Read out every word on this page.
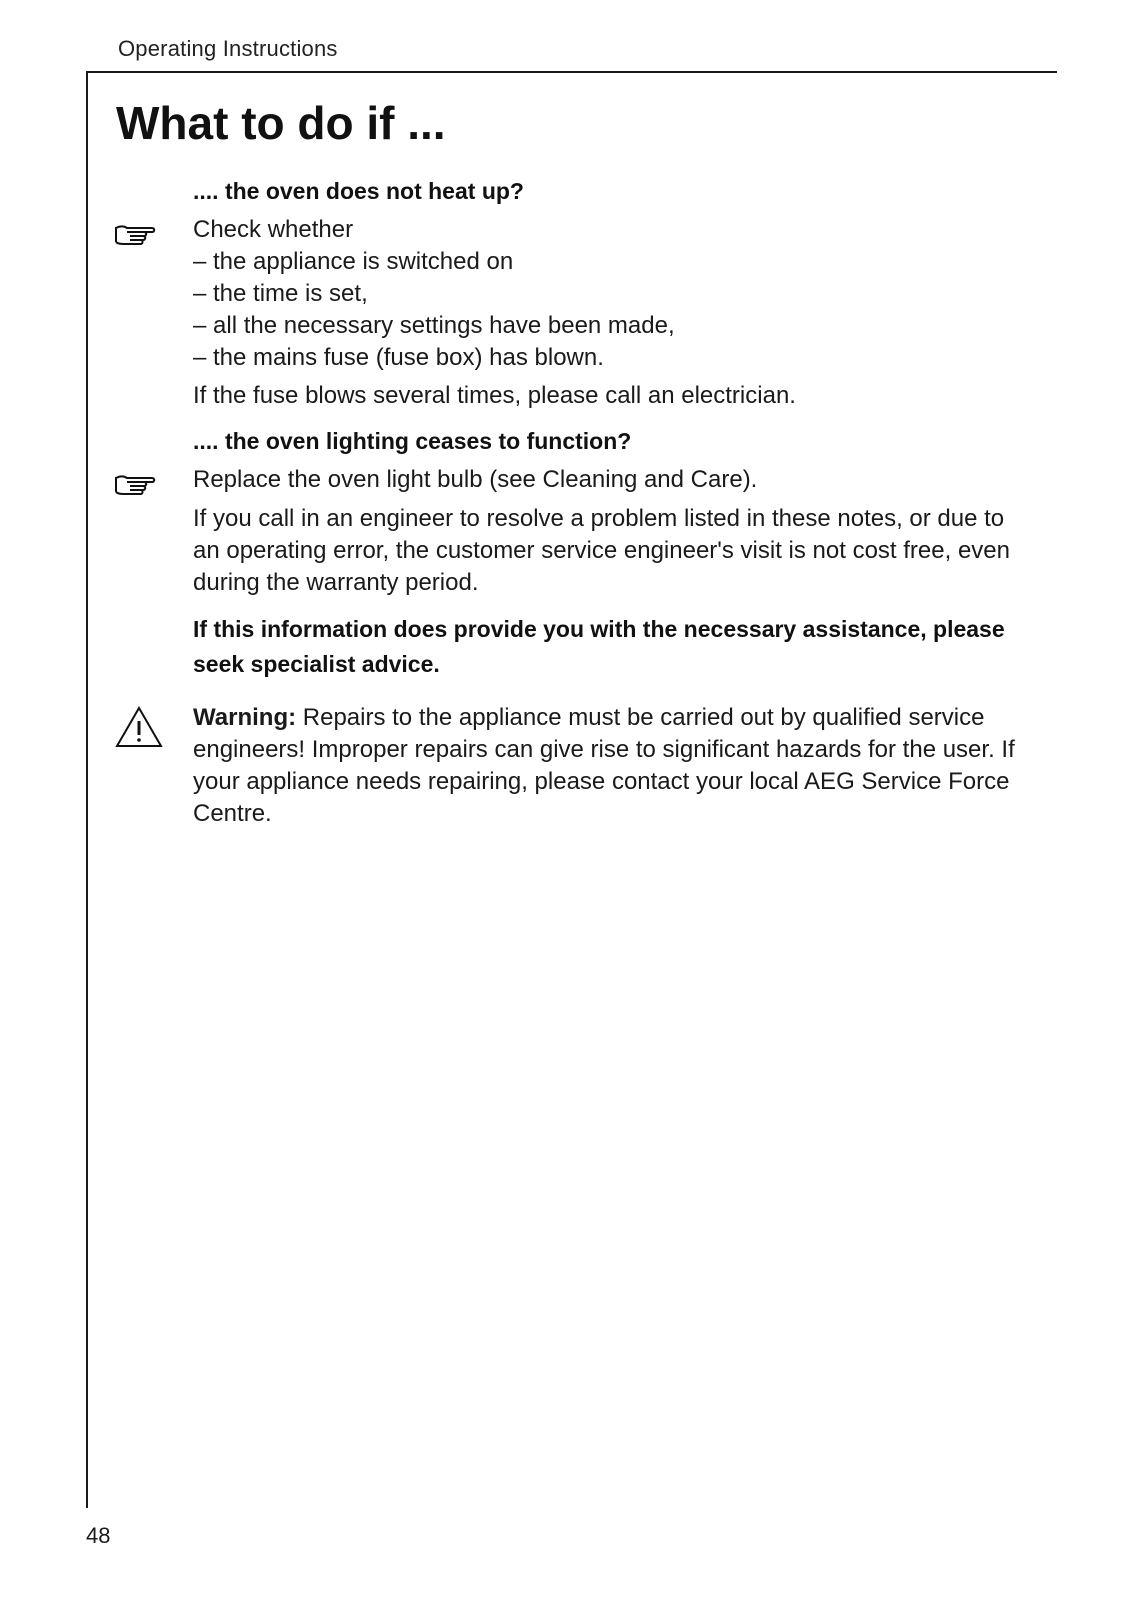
Operating Instructions
What to do if ...
.... the oven does not heat up?

Check whether

– the appliance is switched on
– the time is set,
– all the necessary settings have been made,
– the mains fuse (fuse box) has blown.

If the fuse blows several times, please call an electrician.

.... the oven lighting ceases to function?

Replace the oven light bulb (see Cleaning and Care).

If you call in an engineer to resolve a problem listed in these notes, or due to an operating error, the customer service engineer's visit is not cost free, even during the warranty period.

If this information does provide you with the necessary assistance, please seek specialist advice.

Warning: Repairs to the appliance must be carried out by qualified service engineers! Improper repairs can give rise to significant hazards for the user. If your appliance needs repairing, please contact your local AEG Service Force Centre.

48
